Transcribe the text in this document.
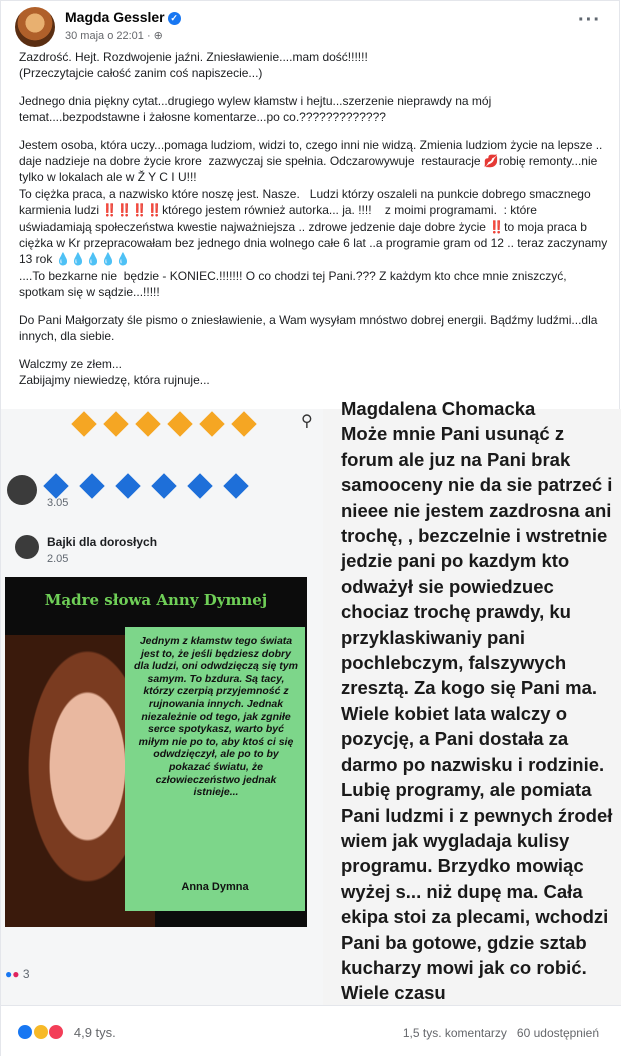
Magda Gessler ✓
30 maja o 22:01 · ⊕
···

Zazdrość. Hejt. Rozdwojenie jaźni. Zniesławienie....mam dość!!!!!!
(Przeczytajcie całość zanim coś napiszecie...)

Jednego dnia piękny cytat...drugiego wylew kłamstw i hejtu...szerzenie nieprawdy na mój temat....bezpodstawne i żałosne komentarze...po co.?????????????

Jestem osoba, która uczy...pomaga ludziom, widzi to, czego inni nie widzą. Zmienia ludziom życie na lepsze .. daje nadzieje na dobre życie krore  zazwyczaj sie spełnia. Odczarowywuje  restauracje 💋robię remonty...nie tylko w lokalach ale w Ž Y C I U!!!
To ciężka praca, a nazwisko które noszę jest. Nasze.   Ludzi którzy oszaleli na punkcie dobrego smacznego karmienia ludzi ‼️‼️‼️‼️którego jestem również autorka... ja. !!!!    z moimi programami.  : które uświadamiają społeczeństwa kwestie najważniejsza .. zdrowe jedzenie daje dobre życie ‼️to moja praca b ciężka w Kr przepracowałam bez jednego dnia wolnego całe 6 lat ..a programie gram od 12 .. teraz zaczynamy 13 rok 💧💧💧💧💧
....To bezkarne nie  będzie - KONIEC.!!!!!!! O co chodzi tej Pani.??? Z każdym kto chce mnie zniszczyć, spotkam się w sądzie...!!!!!

Do Pani Małgorzaty śle pismo o zniesławienie, a Wam wysyłam mnóstwo dobrej energii. Bądźmy ludźmi...dla innych, dla siebie.

Walczmy ze złem...
Zabijajmy niewiedzę, która rujnuje...

⚲
3.05
Bajki dla dorosłych
2.05
Mądre słowa Anny Dymnej
Jednym z kłamstw tego świata jest to, że jeśli będziesz dobry dla ludzi, oni odwdzięczą się tym samym. To bzdura. Są tacy, którzy czerpią przyjemność z rujnowania innych. Jednak niezależnie od tego, jak zgniłe serce spotykasz, warto być miłym nie po to, aby ktoś ci się odwdzięczył, ale po to by pokazać światu, że człowieczeństwo jednak istnieje...
Anna Dymna
●● 3
Magdalena Chomacka
Może mnie Pani usunąć z forum ale juz na Pani brak samooceny nie da sie patrzeć i nieee nie jestem zazdrosna ani trochę, , bezczelnie i wstretnie jedzie pani po kazdym kto odważył sie powiedzuec chociaz trochę prawdy, ku przyklaskiwaniy pani pochlebczym, falszywych zresztą. Za kogo się Pani ma. Wiele kobiet lata walczy o pozycję, a Pani dostała za darmo po nazwisku i rodzinie. Lubię programy, ale pomiata Pani ludzmi i z pewnych źrodeł wiem jak wygladaja kulisy programu. Brzydko mowiąc wyżej s... niż dupę ma. Cała ekipa stoi za plecami, wchodzi Pani ba gotowe, gdzie sztab kucharzy mowi jak co robić. Wiele czasu
4,9 tys.	1,5 tys. komentarzy 60 udostępnień
